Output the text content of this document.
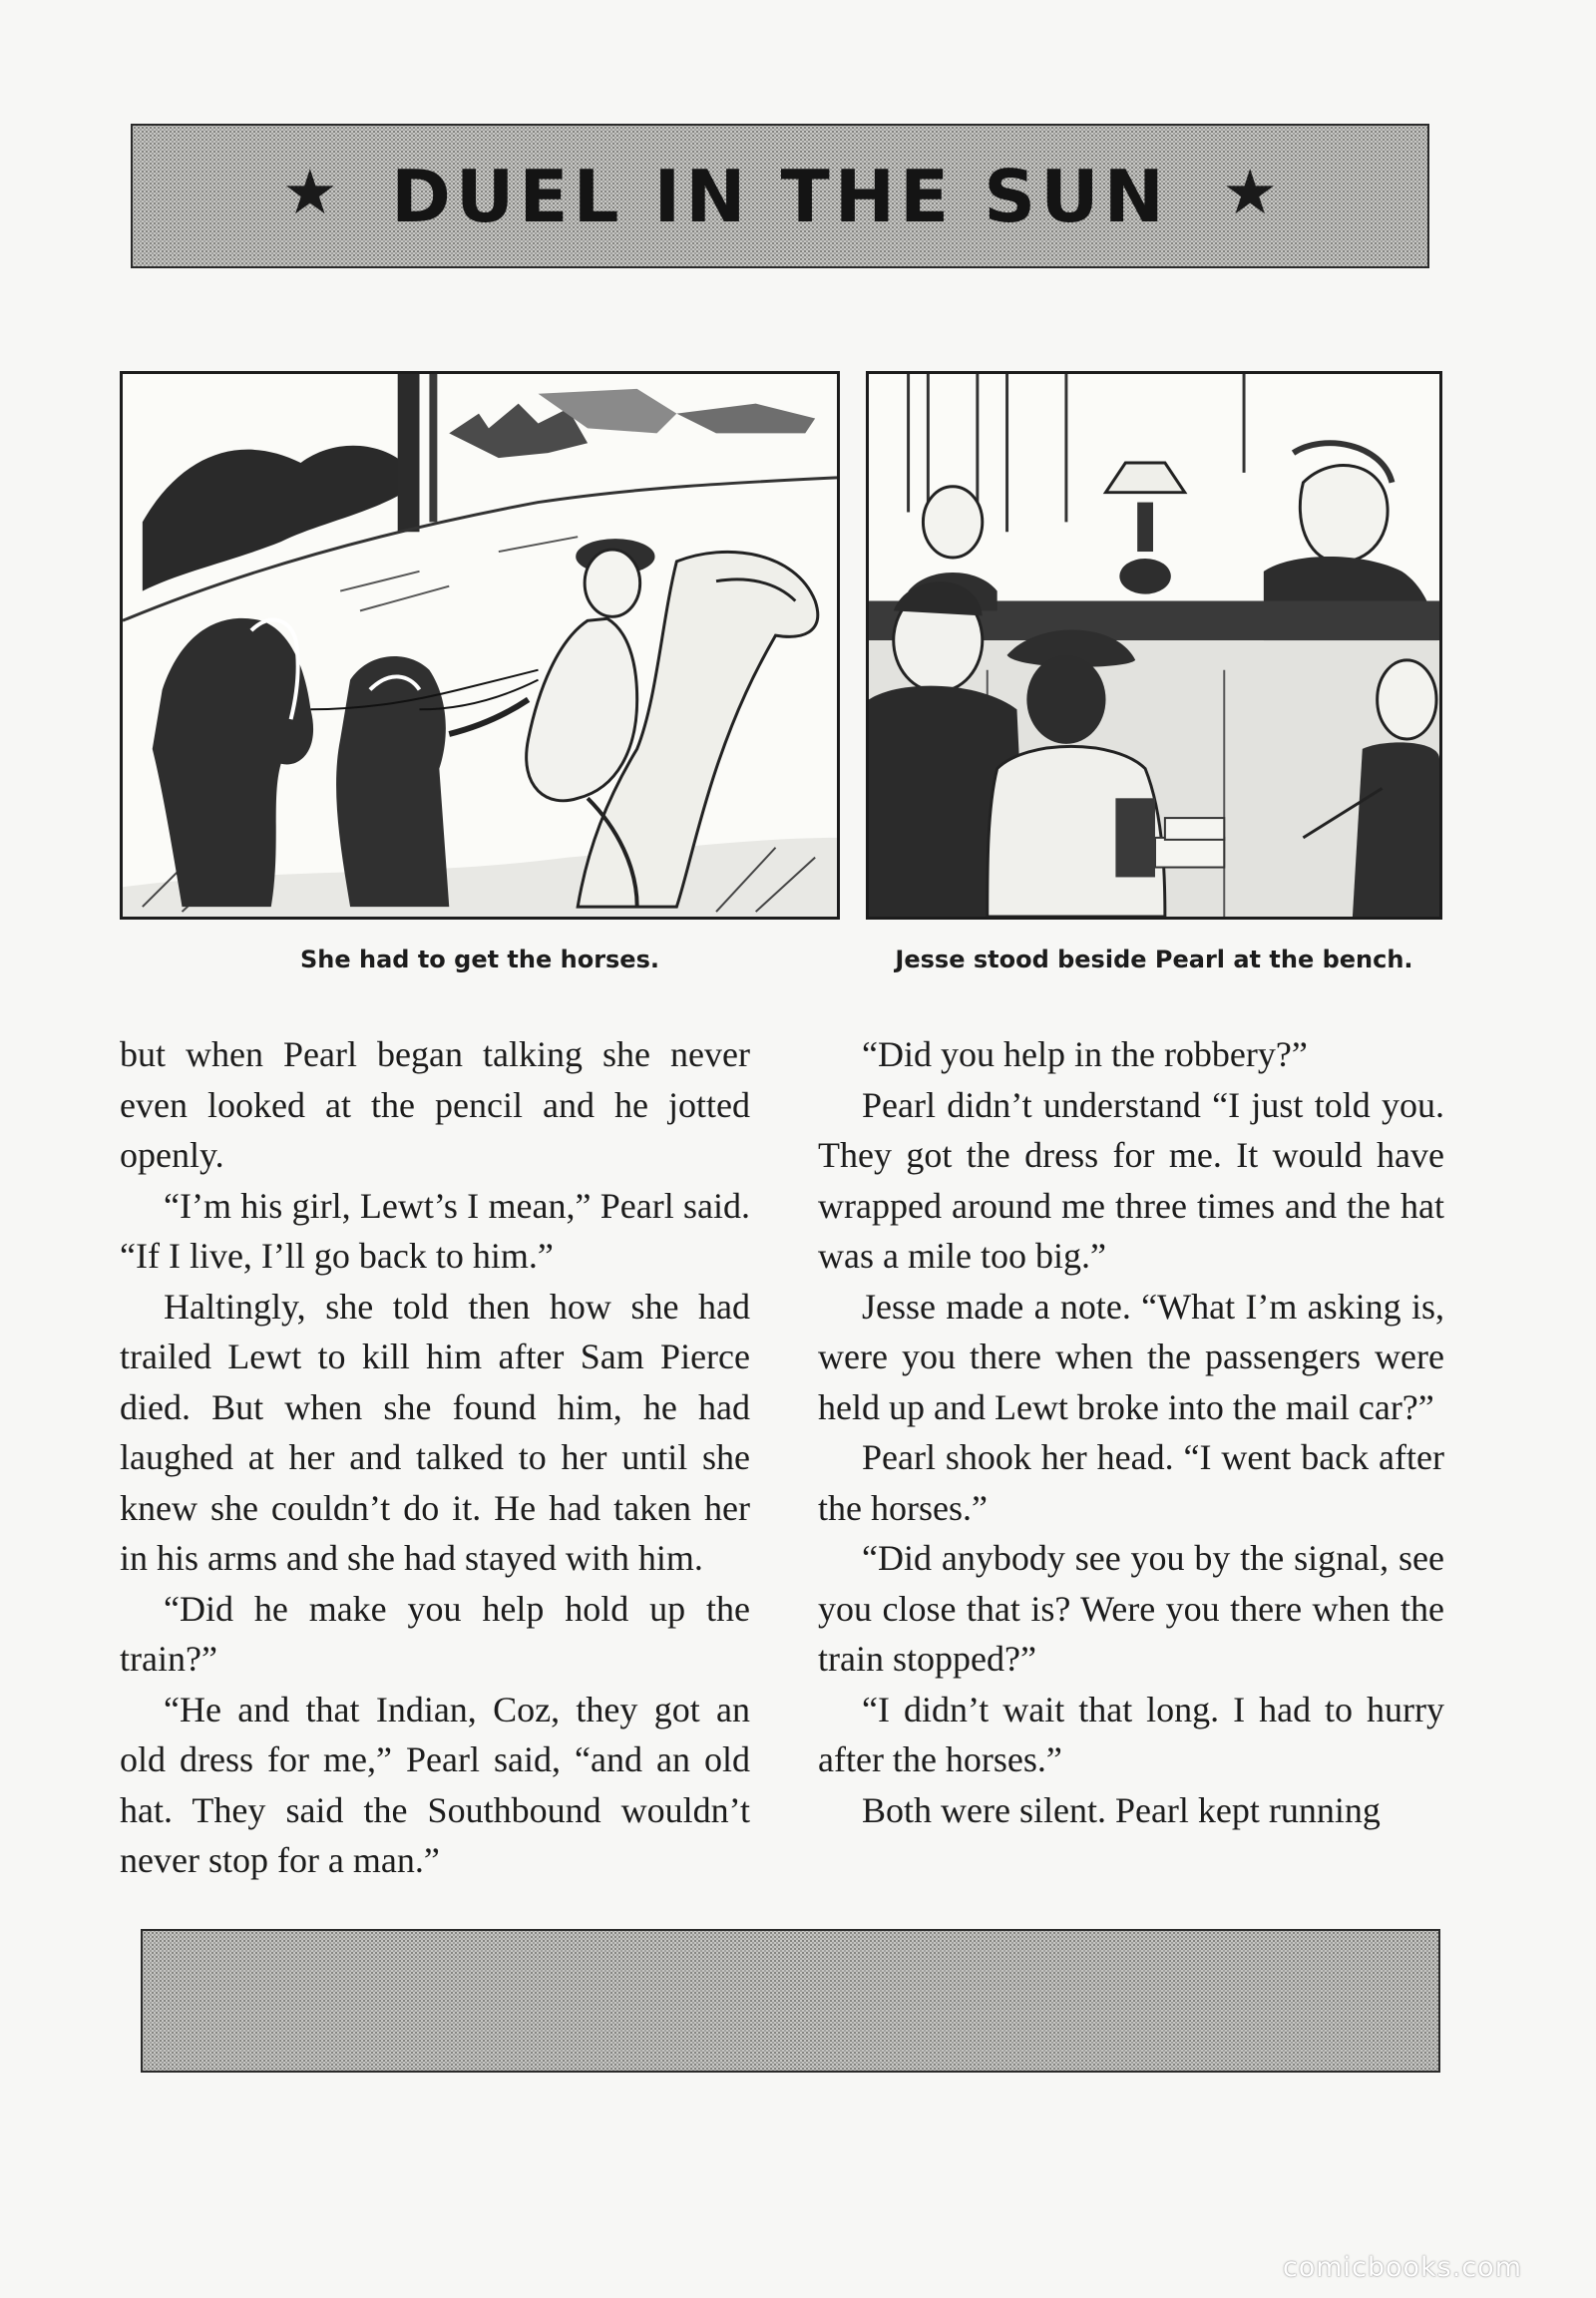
★ DUEL IN THE SUN ★
She had to get the horses.	Jesse stood beside Pearl at the bench.

but when Pearl began talking she never even looked at the pencil and he jotted openly.

“I’m his girl, Lewt’s I mean,” Pearl said. “If I live, I’ll go back to him.”

Haltingly, she told then how she had trailed Lewt to kill him after Sam Pierce died. But when she found him, he had laughed at her and talked to her until she knew she couldn’t do it. He had taken her in his arms and she had stayed with him.

“Did he make you help hold up the train?”

“He and that Indian, Coz, they got an old dress for me,” Pearl said, “and an old hat. They said the Southbound wouldn’t never stop for a man.”

“Did you help in the robbery?”

Pearl didn’t understand “I just told you. They got the dress for me. It would have wrapped around me three times and the hat was a mile too big.”

Jesse made a note. “What I’m asking is, were you there when the passengers were held up and Lewt broke into the mail car?”

Pearl shook her head. “I went back after the horses.”

“Did anybody see you by the signal, see you close that is? Were you there when the train stopped?”

“I didn’t wait that long. I had to hurry after the horses.”

Both were silent. Pearl kept running

comicbooks.com
